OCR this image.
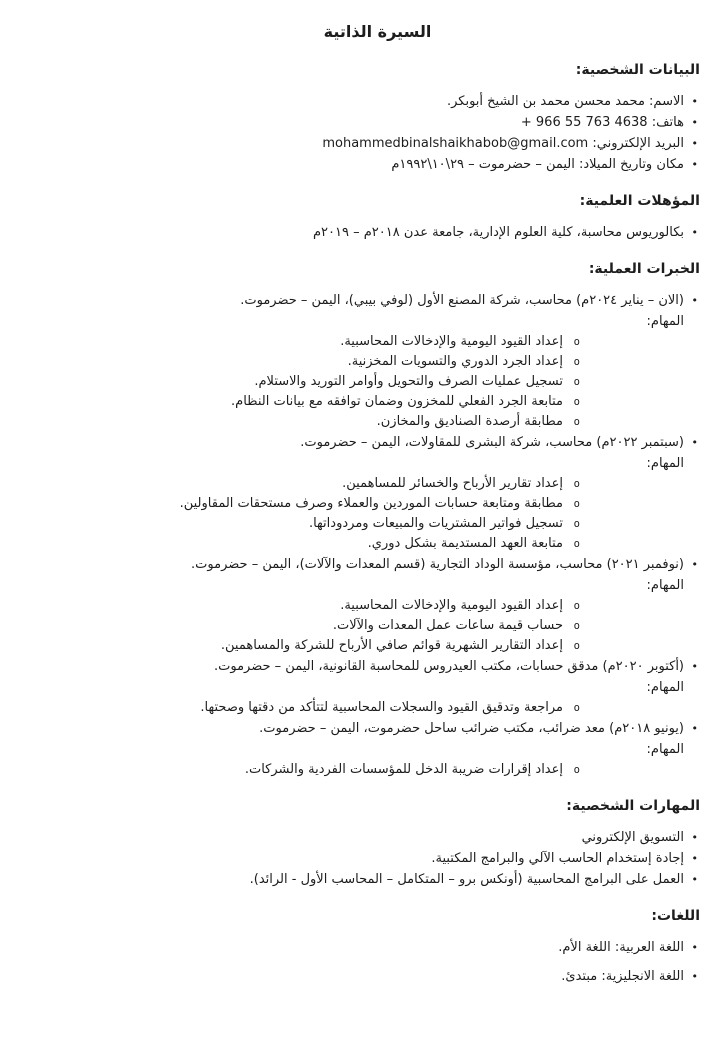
السيرة الذاتية
البيانات الشخصية:
•
الاسم: محمد محسن محمد بن الشيخ أبوبكر.
•
هاتف: + 966 55 763 4638
•
البريد الإلكتروني: mohammedbinalshaikhabob@gmail.com
•
مكان وتاريخ الميلاد: اليمن – حضرموت – ٢٩\١٠\١٩٩٢م
المؤهلات العلمية:
•
بكالوريوس محاسبة، كلية العلوم الإدارية، جامعة عدن ٢٠١٨م – ٢٠١٩م
الخبرات العملية:
•
(الان – يناير ٢٠٢٤م) محاسب، شركة المصنع الأول (لوفي بيبي)، اليمن – حضرموت.
المهام:
o
إعداد القيود اليومية والإدخالات المحاسبية.
o
إعداد الجرد الدوري والتسويات المخزنية.
o
تسجيل عمليات الصرف والتحويل وأوامر التوريد والاستلام.
o
متابعة الجرد الفعلي للمخزون وضمان توافقه مع بيانات النظام.
o
مطابقة أرصدة الصناديق والمخازن.
•
(سبتمبر ٢٠٢٢م) محاسب، شركة البشرى للمقاولات، اليمن – حضرموت.
المهام:
o
إعداد تقارير الأرباح والخسائر للمساهمين.
o
مطابقة ومتابعة حسابات الموردين والعملاء وصرف مستحقات المقاولين.
o
تسجيل فواتير المشتريات والمبيعات ومردوداتها.
o
متابعة العهد المستديمة بشكل دوري.
•
(نوفمبر ٢٠٢١) محاسب، مؤسسة الوداد التجارية (قسم المعدات والآلات)، اليمن – حضرموت.
المهام:
o
إعداد القيود اليومية والإدخالات المحاسبية.
o
حساب قيمة ساعات عمل المعدات والآلات.
o
إعداد التقارير الشهرية قوائم صافي الأرباح للشركة والمساهمين.
•
(أكتوبر ٢٠٢٠م) مدقق حسابات، مكتب العيدروس للمحاسبة القانونية، اليمن – حضرموت.
المهام:
o
مراجعة وتدقيق القيود والسجلات المحاسبية لتتأكد من دقتها وصحتها.
•
(يونيو ٢٠١٨م) معد ضرائب، مكتب ضرائب ساحل حضرموت، اليمن – حضرموت.
المهام:
o
إعداد إقرارات ضريبة الدخل للمؤسسات الفردية والشركات.
المهارات الشخصية:
•
التسويق الإلكتروني
•
إجادة إستخدام الحاسب الآلي والبرامج المكتبية.
•
العمل على البرامج المحاسبية (أونكس برو – المتكامل – المحاسب الأول - الرائد).
اللغات:
•
اللغة العربية: اللغة الأم.
•
اللغة الانجليزية: مبتدئ.
